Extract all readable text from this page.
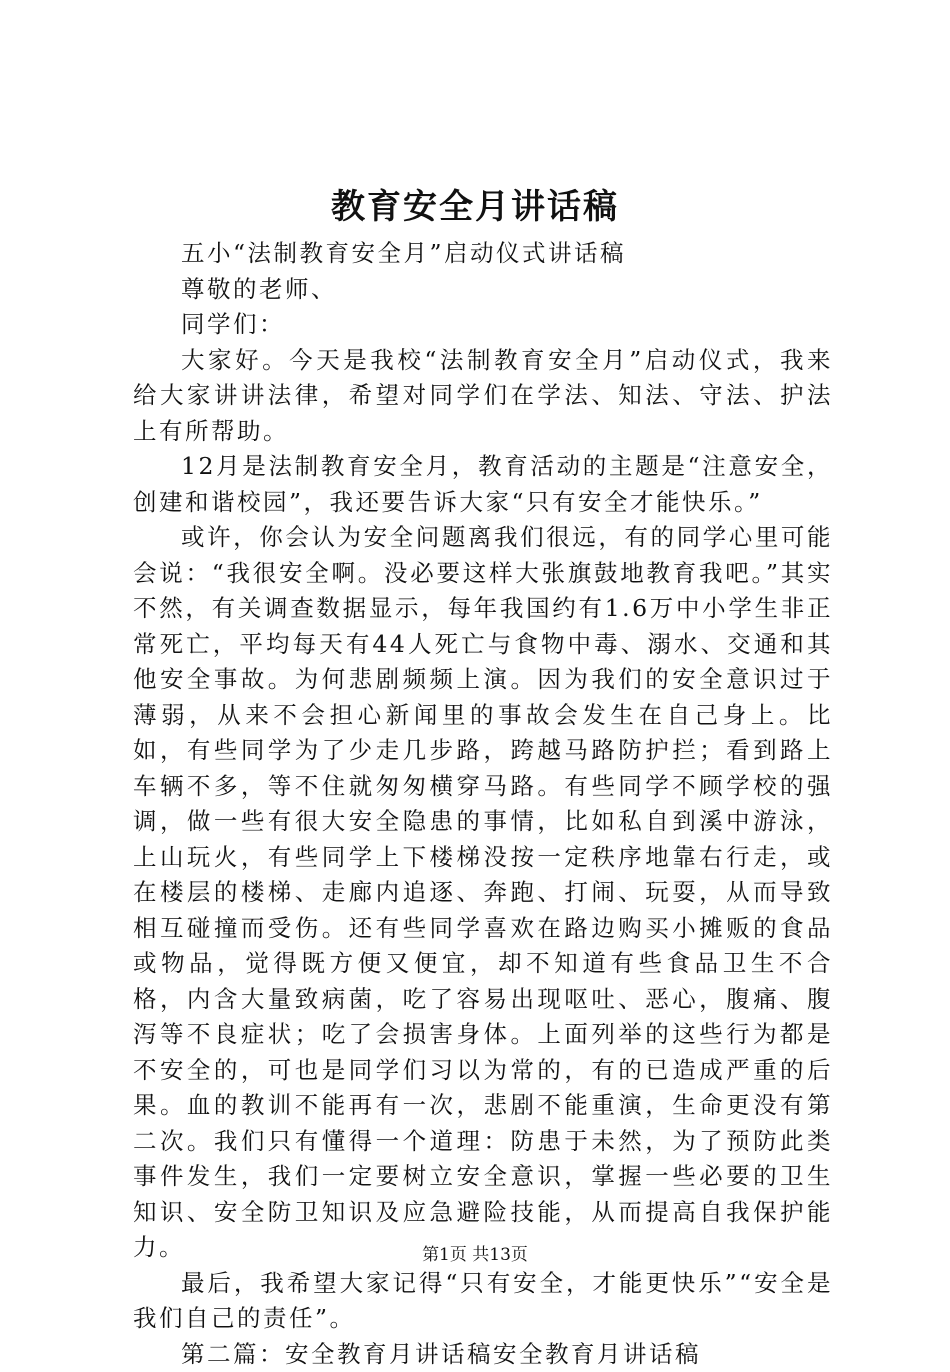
教育安全月讲话稿

五小“法制教育安全月”启动仪式讲话稿

尊敬的老师、

同学们：

大家好。今天是我校“法制教育安全月”启动仪式，我来给大家讲讲法律，希望对同学们在学法、知法、守法、护法上有所帮助。

12月是法制教育安全月，教育活动的主题是“注意安全，创建和谐校园”，我还要告诉大家“只有安全才能快乐。”

或许，你会认为安全问题离我们很远，有的同学心里可能会说：“我很安全啊。没必要这样大张旗鼓地教育我吧。”其实不然，有关调查数据显示，每年我国约有1.6万中小学生非正常死亡，平均每天有44人死亡与食物中毒、溺水、交通和其他安全事故。为何悲剧频频上演。因为我们的安全意识过于薄弱，从来不会担心新闻里的事故会发生在自己身上。比如，有些同学为了少走几步路，跨越马路防护拦；看到路上车辆不多，等不住就匆匆横穿马路。有些同学不顾学校的强调，做一些有很大安全隐患的事情，比如私自到溪中游泳，上山玩火，有些同学上下楼梯没按一定秩序地靠右行走，或在楼层的楼梯、走廊内追逐、奔跑、打闹、玩耍，从而导致相互碰撞而受伤。还有些同学喜欢在路边购买小摊贩的食品或物品，觉得既方便又便宜，却不知道有些食品卫生不合格，内含大量致病菌，吃了容易出现呕吐、恶心，腹痛、腹泻等不良症状；吃了会损害身体。上面列举的这些行为都是不安全的，可也是同学们习以为常的，有的已造成严重的后果。血的教训不能再有一次，悲剧不能重演，生命更没有第二次。我们只有懂得一个道理：防患于未然，为了预防此类事件发生，我们一定要树立安全意识，掌握一些必要的卫生知识、安全防卫知识及应急避险技能，从而提高自我保护能力。

最后，我希望大家记得“只有安全，才能更快乐”“安全是我们自己的责任”。

第二篇：安全教育月讲话稿安全教育月讲话稿

第1页 共13页
